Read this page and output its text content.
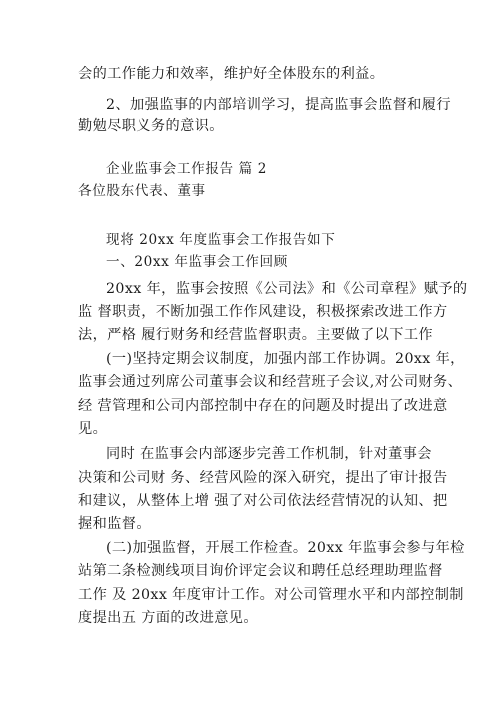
会的工作能力和效率，维护好全体股东的利益。
2、加强监事的内部培训学习，提高监事会监督和履行
勤勉尽职义务的意识。
企业监事会工作报告 篇 2
各位股东代表、董事
现将 20xx 年度监事会工作报告如下
一、20xx 年监事会工作回顾
20xx 年，监事会按照《公司法》和《公司章程》赋予的
监 督职责，不断加强工作作风建设，积极探索改进工作方
法，严格 履行财务和经营监督职责。主要做了以下工作
(一)坚持定期会议制度，加强内部工作协调。20xx 年，
监事会通过列席公司董事会议和经营班子会议,对公司财务、
经 营管理和公司内部控制中存在的问题及时提出了改进意
见。
同时 在监事会内部逐步完善工作机制，针对董事会
决策和公司财 务、经营风险的深入研究，提出了审计报告
和建议，从整体上增 强了对公司依法经营情况的认知、把
握和监督。
(二)加强监督，开展工作检查。20xx 年监事会参与年检
站第二条检测线项目询价评定会议和聘任总经理助理监督
工作 及 20xx 年度审计工作。对公司管理水平和内部控制制
度提出五 方面的改进意见。
